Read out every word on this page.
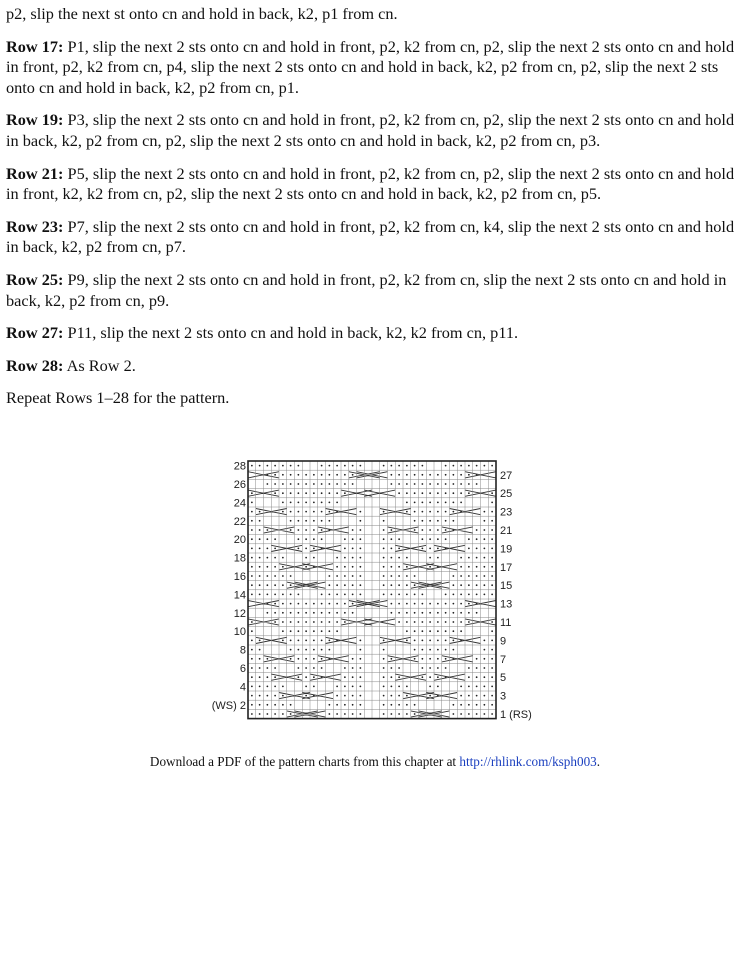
p2, slip the next st onto cn and hold in back, k2, p1 from cn.

Row 17: P1, slip the next 2 sts onto cn and hold in front, p2, k2 from cn, p2, slip the next 2 sts onto cn and hold in front, p2, k2 from cn, p4, slip the next 2 sts onto cn and hold in back, k2, p2 from cn, p2, slip the next 2 sts onto cn and hold in back, k2, p2 from cn, p1.

Row 19: P3, slip the next 2 sts onto cn and hold in front, p2, k2 from cn, p2, slip the next 2 sts onto cn and hold in back, k2, p2 from cn, p2, slip the next 2 sts onto cn and hold in back, k2, p2 from cn, p3.

Row 21: P5, slip the next 2 sts onto cn and hold in front, p2, k2 from cn, p2, slip the next 2 sts onto cn and hold in front, k2, k2 from cn, p2, slip the next 2 sts onto cn and hold in back, k2, p2 from cn, p5.

Row 23: P7, slip the next 2 sts onto cn and hold in front, p2, k2 from cn, k4, slip the next 2 sts onto cn and hold in back, k2, p2 from cn, p7.

Row 25: P9, slip the next 2 sts onto cn and hold in front, p2, k2 from cn, slip the next 2 sts onto cn and hold in back, k2, p2 from cn, p9.

Row 27: P11, slip the next 2 sts onto cn and hold in back, k2, k2 from cn, p11.

Row 28: As Row 2.

Repeat Rows 1–28 for the pattern.

28
26
24
22
20
18
16
14
12
10
8
6
4
(WS) 2
27
25
23
21
19
17
15
13
11
9
7
5
3
1 (RS)
Download a PDF of the pattern charts from this chapter at http://rhlink.com/ksph003.
